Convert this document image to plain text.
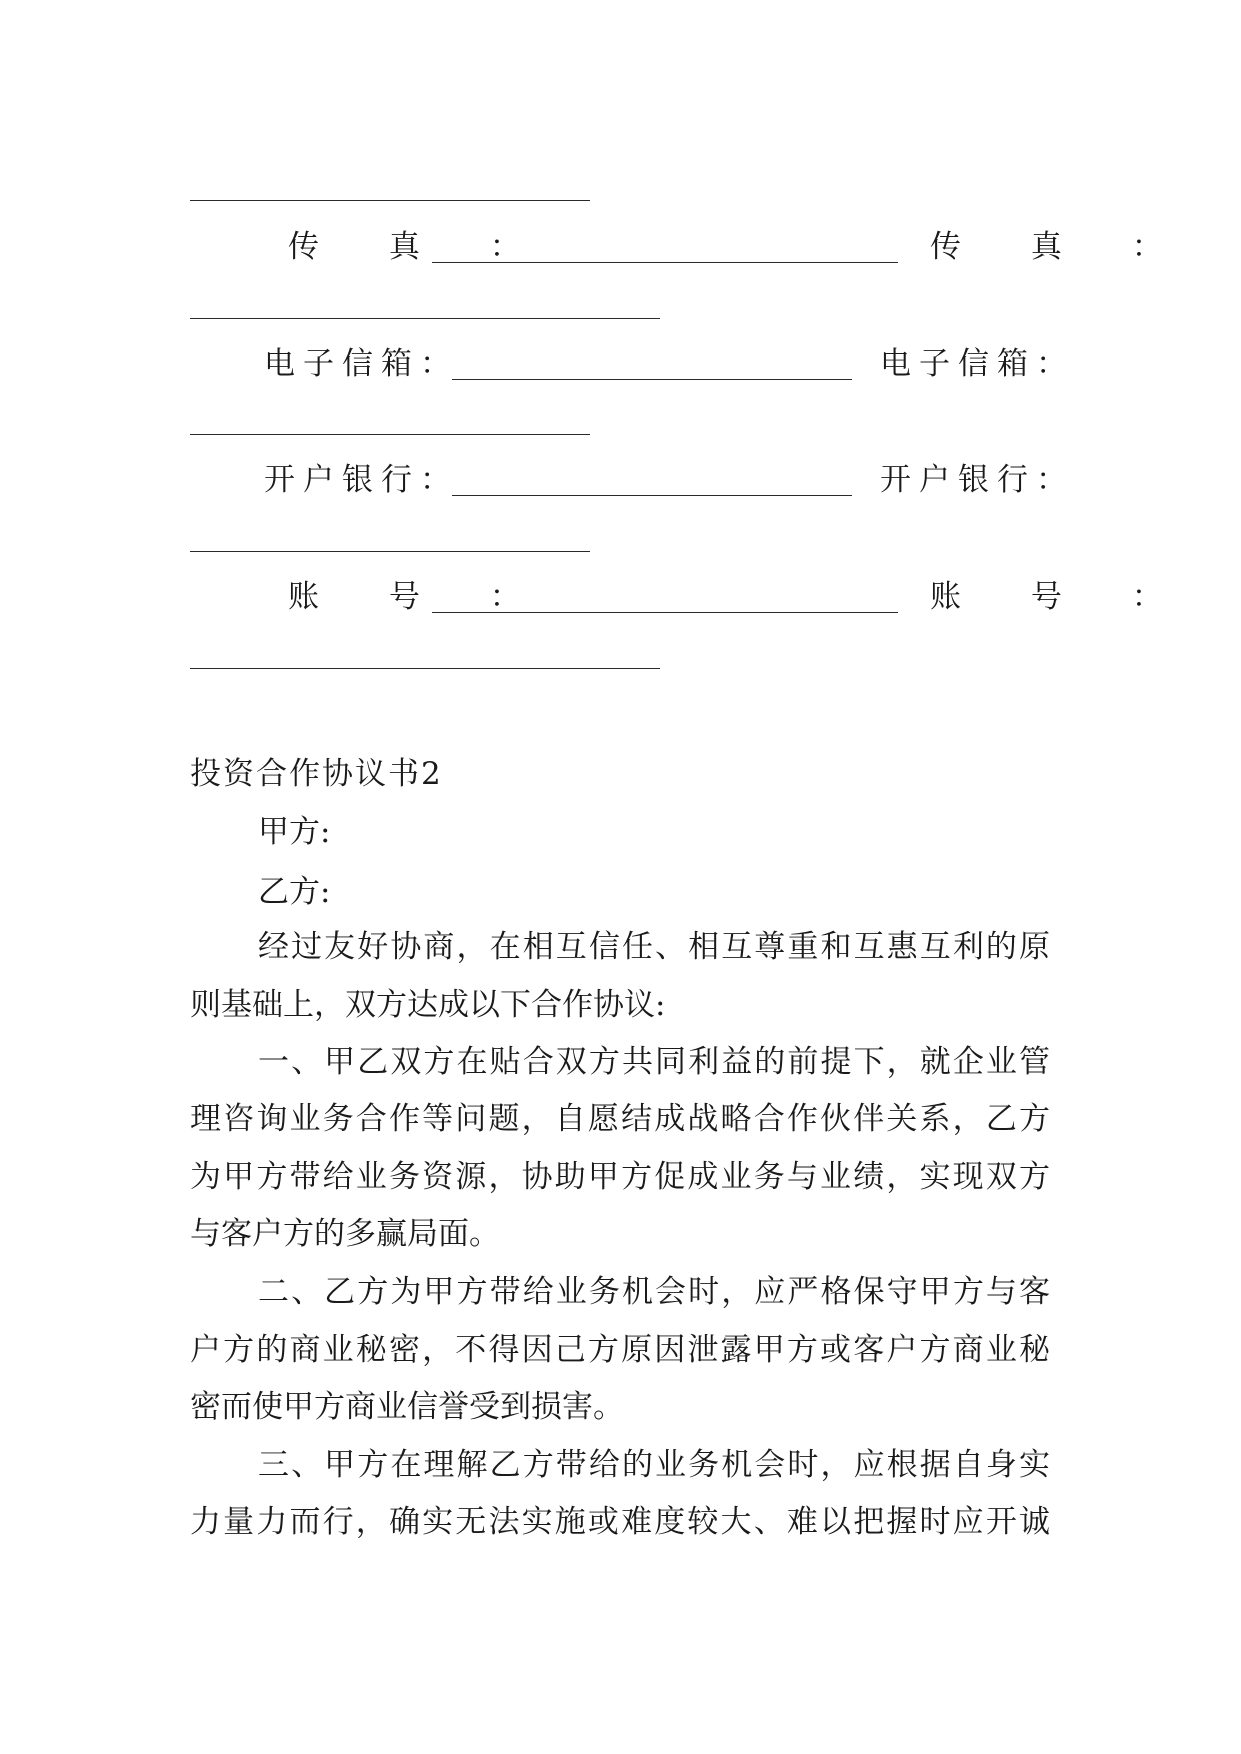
传 真 ：	传 真 ：
电子信箱：	电子信箱：
开户银行：	开户银行：
账 号 ：	账 号 ：
投资合作协议书2
甲方:
乙方:
经过友好协商，在相互信任、相互尊重和互惠互利的原
则基础上，双方达成以下合作协议:
一、甲乙双方在贴合双方共同利益的前提下，就企业管
理咨询业务合作等问题，自愿结成战略合作伙伴关系，乙方
为甲方带给业务资源，协助甲方促成业务与业绩，实现双方
与客户方的多赢局面。
二、乙方为甲方带给业务机会时，应严格保守甲方与客
户方的商业秘密，不得因己方原因泄露甲方或客户方商业秘
密而使甲方商业信誉受到损害。
三、甲方在理解乙方带给的业务机会时，应根据自身实
力量力而行，确实无法实施或难度较大、难以把握时应开诚
